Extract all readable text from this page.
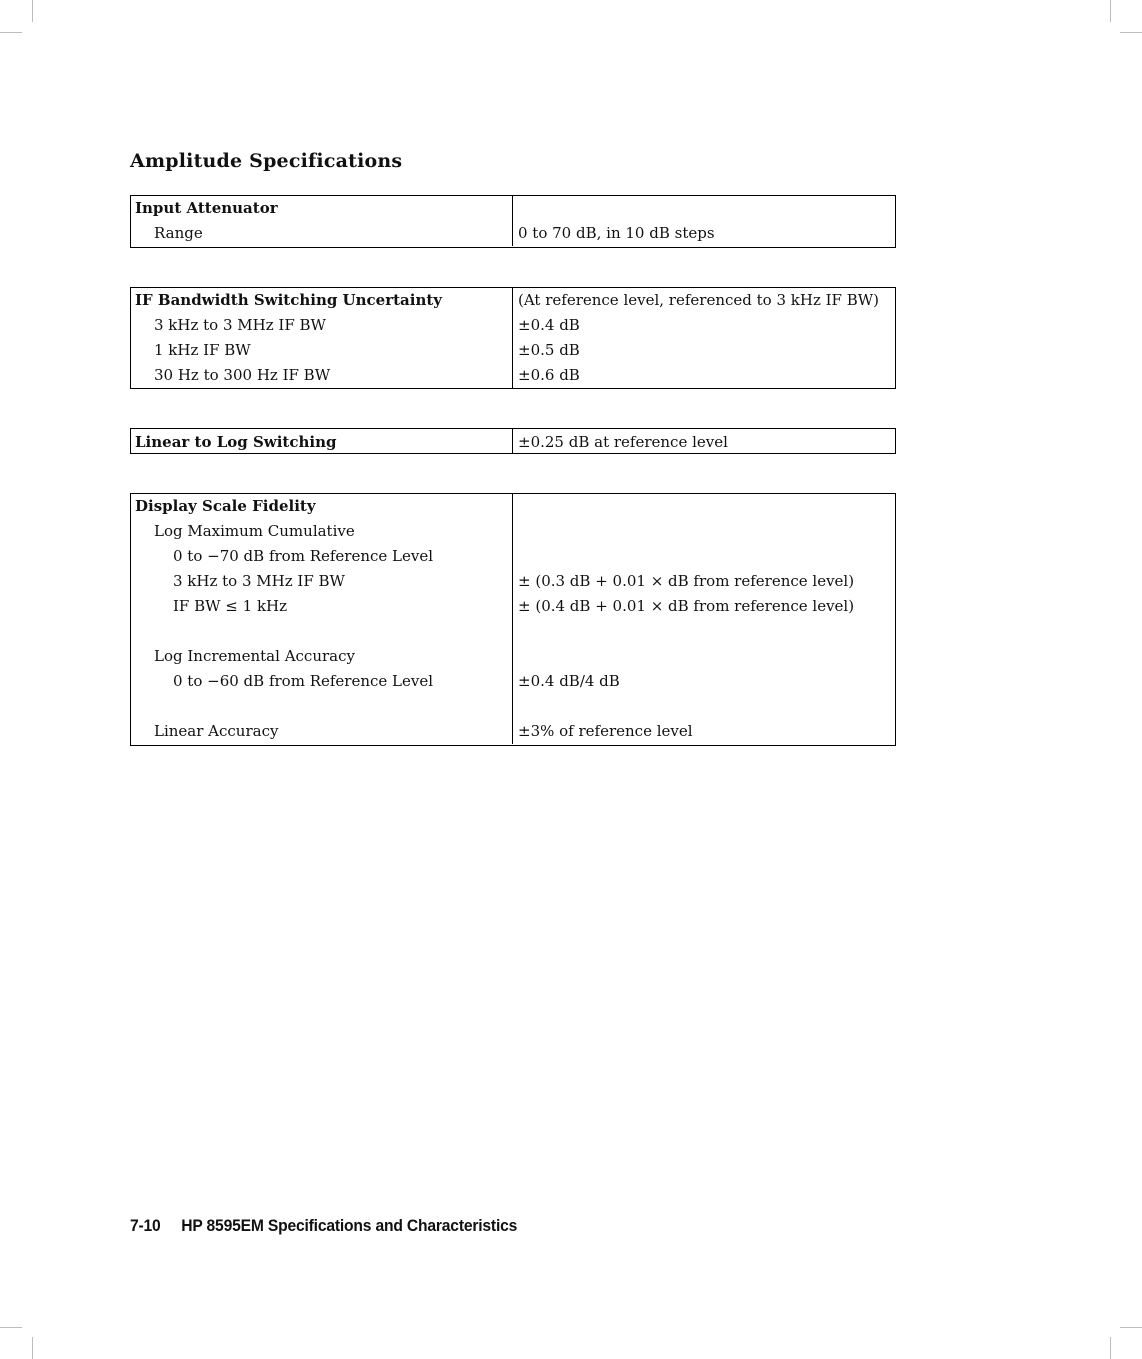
Amplitude Specifications
Input Attenuator
Range	0 to 70 dB, in 10 dB steps
IF Bandwidth Switching Uncertainty	(At reference level, referenced to 3 kHz IF BW)
3 kHz to 3 MHz IF BW	±0.4 dB
1 kHz IF BW	±0.5 dB
30 Hz to 300 Hz IF BW	±0.6 dB
Linear to Log Switching	±0.25 dB at reference level
Display Scale Fidelity
Log Maximum Cumulative
0 to −70 dB from Reference Level
3 kHz to 3 MHz IF BW	± (0.3 dB + 0.01 × dB from reference level)
IF BW ≤ 1 kHz	± (0.4 dB + 0.01 × dB from reference level)
Log Incremental Accuracy
0 to −60 dB from Reference Level	±0.4 dB/4 dB
Linear Accuracy	±3% of reference level
7-10 HP 8595EM Specifications and Characteristics
